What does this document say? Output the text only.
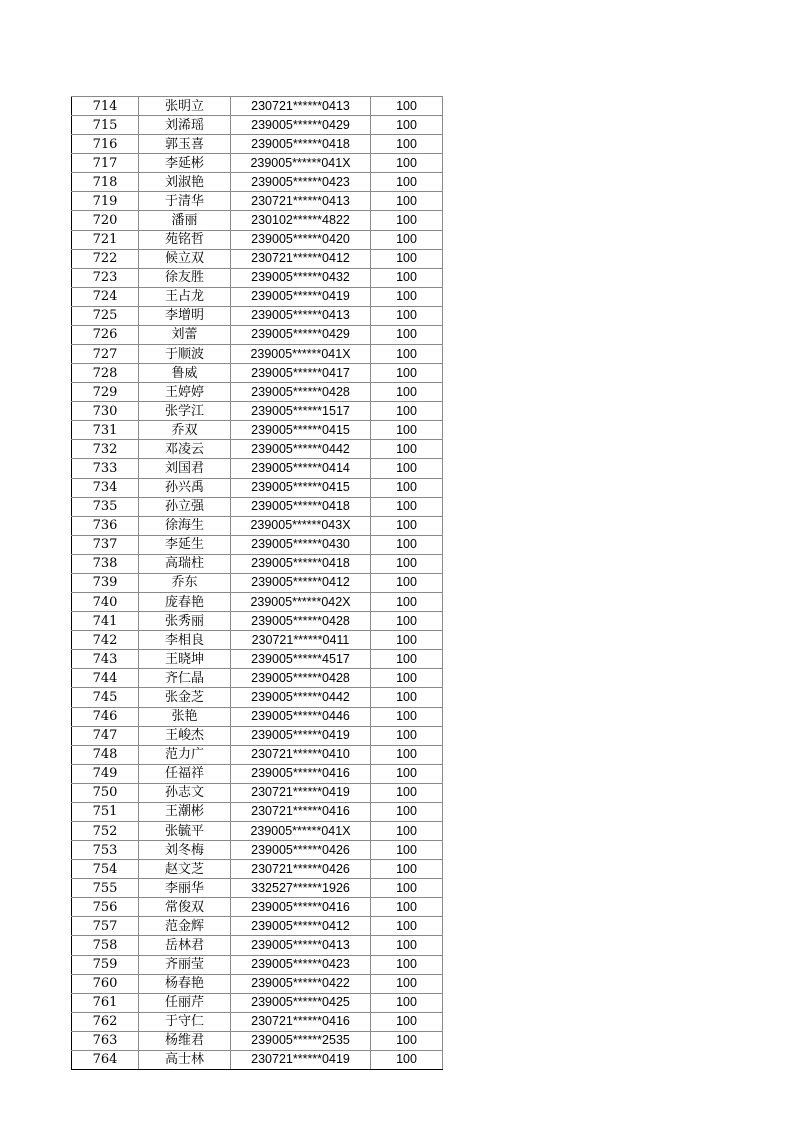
714	张明立	230721******0413	100
715	刘浠瑶	239005******0429	100
716	郭玉喜	239005******0418	100
717	李延彬	239005******041X	100
718	刘淑艳	239005******0423	100
719	于清华	230721******0413	100
720	潘丽	230102******4822	100
721	苑铭哲	239005******0420	100
722	候立双	230721******0412	100
723	徐友胜	239005******0432	100
724	王占龙	239005******0419	100
725	李增明	239005******0413	100
726	刘蕾	239005******0429	100
727	于顺波	239005******041X	100
728	鲁威	239005******0417	100
729	王婷婷	239005******0428	100
730	张学江	239005******1517	100
731	乔双	239005******0415	100
732	邓凌云	239005******0442	100
733	刘国君	239005******0414	100
734	孙兴禹	239005******0415	100
735	孙立强	239005******0418	100
736	徐海生	239005******043X	100
737	李延生	239005******0430	100
738	高瑞柱	239005******0418	100
739	乔东	239005******0412	100
740	庞春艳	239005******042X	100
741	张秀丽	239005******0428	100
742	李相良	230721******0411	100
743	王晓坤	239005******4517	100
744	齐仁晶	239005******0428	100
745	张金芝	239005******0442	100
746	张艳	239005******0446	100
747	王峻杰	239005******0419	100
748	范力广	230721******0410	100
749	任福祥	239005******0416	100
750	孙志文	230721******0419	100
751	王潮彬	230721******0416	100
752	张毓平	239005******041X	100
753	刘冬梅	239005******0426	100
754	赵文芝	230721******0426	100
755	李丽华	332527******1926	100
756	常俊双	239005******0416	100
757	范金辉	239005******0412	100
758	岳林君	239005******0413	100
759	齐丽莹	239005******0423	100
760	杨春艳	239005******0422	100
761	任丽芹	239005******0425	100
762	于守仁	230721******0416	100
763	杨维君	239005******2535	100
764	高士林	230721******0419	100
